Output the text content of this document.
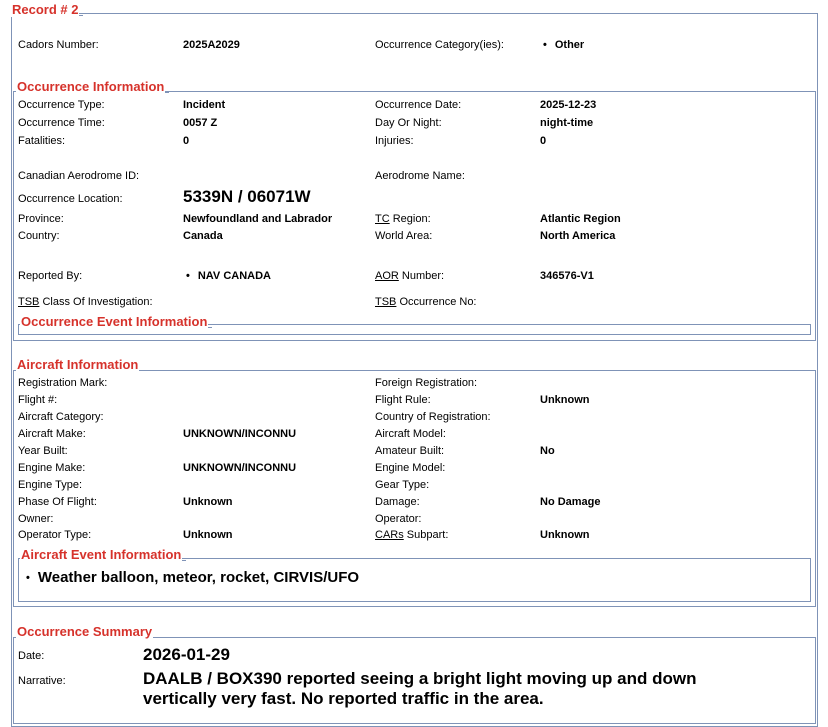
Record # 2
Cadors Number:	2025A2029	Occurrence Category(ies):	• Other
Occurrence Information
Occurrence Type:	Incident	Occurrence Date:	2025-12-23
Occurrence Time:	0057 Z	Day Or Night:	night-time
Fatalities:	0	Injuries:	0
Canadian Aerodrome ID:	Aerodrome Name:
Occurrence Location:	5339N / 06071W
Province:	Newfoundland and Labrador	TC Region:	Atlantic Region
Country:	Canada	World Area:	North America
Reported By:	• NAV CANADA	AOR Number:	346576-V1
TSB Class Of Investigation:	TSB Occurrence No:
Occurrence Event Information
Aircraft Information
Registration Mark:	Foreign Registration:
Flight #:	Flight Rule:	Unknown
Aircraft Category:	Country of Registration:
Aircraft Make:	UNKNOWN/INCONNU	Aircraft Model:
Year Built:	Amateur Built:	No
Engine Make:	UNKNOWN/INCONNU	Engine Model:
Engine Type:	Gear Type:
Phase Of Flight:	Unknown	Damage:	No Damage
Owner:	Operator:
Operator Type:	Unknown	CARs Subpart:	Unknown
Aircraft Event Information
• Weather balloon, meteor, rocket, CIRVIS/UFO
Occurrence Summary
Date:	2026-01-29
Narrative:	DAALB / BOX390 reported seeing a bright light moving up and down vertically very fast. No reported traffic in the area.
